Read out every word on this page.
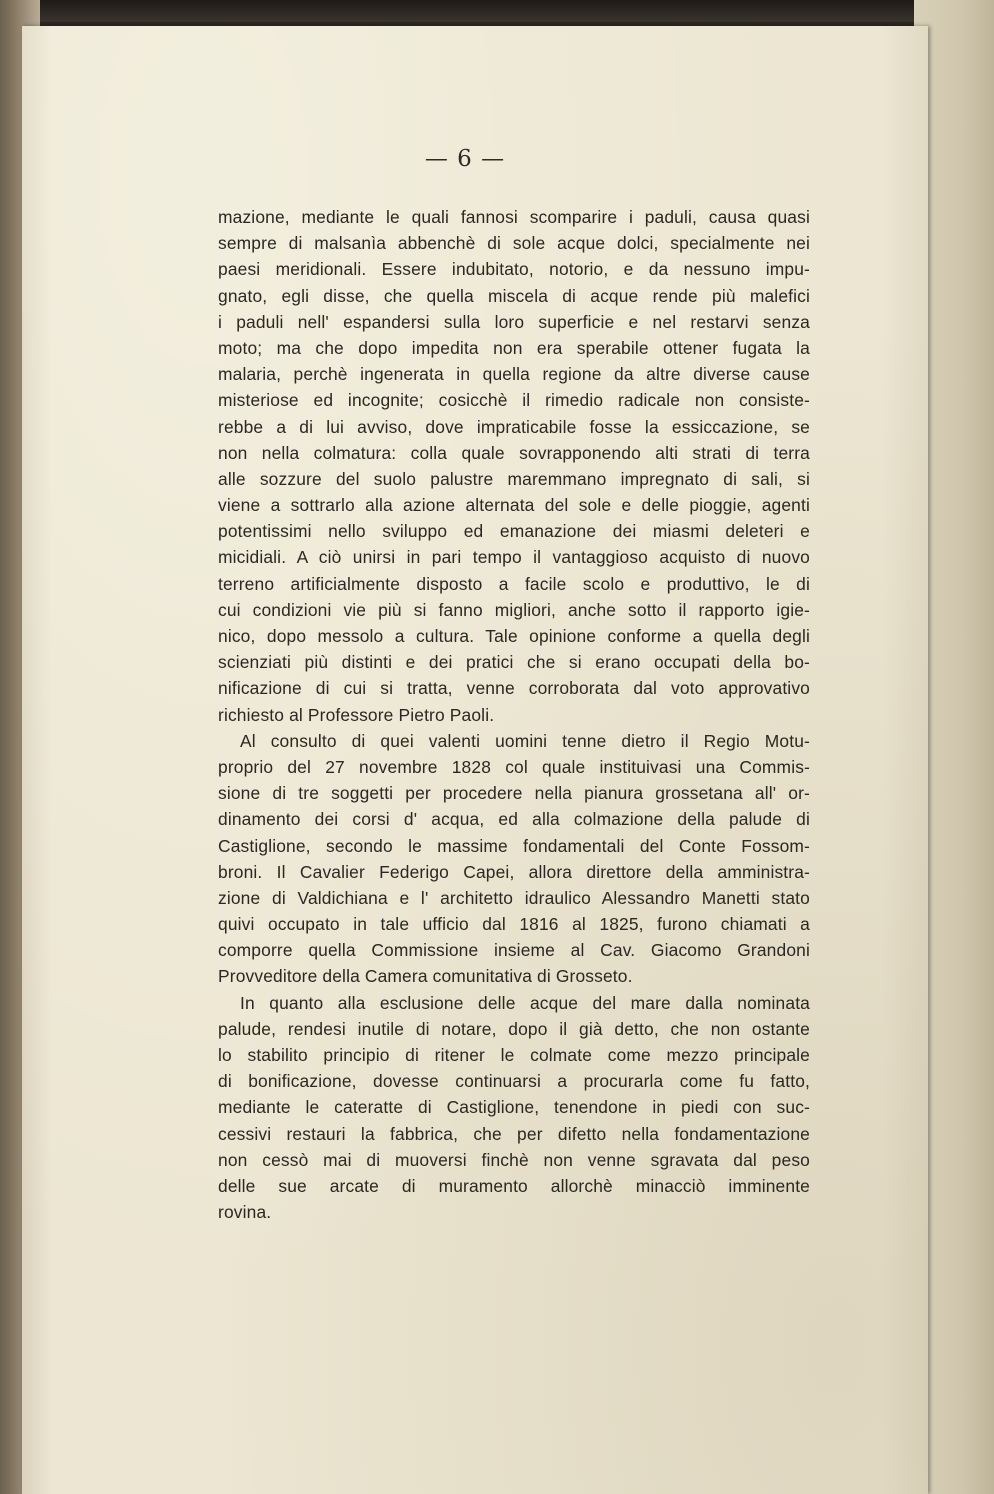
— 6 —
mazione, mediante le quali fannosi scomparire i paduli, causa quasi
sempre di malsanìa abbenchè di sole acque dolci, specialmente nei
paesi meridionali. Essere indubitato, notorio, e da nessuno impu-
gnato, egli disse, che quella miscela di acque rende più malefici
i paduli nell' espandersi sulla loro superficie e nel restarvi senza
moto; ma che dopo impedita non era sperabile ottener fugata la
malaria, perchè ingenerata in quella regione da altre diverse cause
misteriose ed incognite; cosicchè il rimedio radicale non consiste-
rebbe a di lui avviso, dove impraticabile fosse la essiccazione, se
non nella colmatura: colla quale sovrapponendo alti strati di terra
alle sozzure del suolo palustre maremmano impregnato di sali, si
viene a sottrarlo alla azione alternata del sole e delle pioggie, agenti
potentissimi nello sviluppo ed emanazione dei miasmi deleteri e
micidiali. A ciò unirsi in pari tempo il vantaggioso acquisto di nuovo
terreno artificialmente disposto a facile scolo e produttivo, le di
cui condizioni vie più si fanno migliori, anche sotto il rapporto igie-
nico, dopo messolo a cultura. Tale opinione conforme a quella degli
scienziati più distinti e dei pratici che si erano occupati della bo-
nificazione di cui si tratta, venne corroborata dal voto approvativo
richiesto al Professore Pietro Paoli.
Al consulto di quei valenti uomini tenne dietro il Regio Motu-
proprio del 27 novembre 1828 col quale instituivasi una Commis-
sione di tre soggetti per procedere nella pianura grossetana all' or-
dinamento dei corsi d' acqua, ed alla colmazione della palude di
Castiglione, secondo le massime fondamentali del Conte Fossom-
broni. Il Cavalier Federigo Capei, allora direttore della amministra-
zione di Valdichiana e l' architetto idraulico Alessandro Manetti stato
quivi occupato in tale ufficio dal 1816 al 1825, furono chiamati a
comporre quella Commissione insieme al Cav. Giacomo Grandoni
Provveditore della Camera comunitativa di Grosseto.
In quanto alla esclusione delle acque del mare dalla nominata
palude, rendesi inutile di notare, dopo il già detto, che non ostante
lo stabilito principio di ritener le colmate come mezzo principale
di bonificazione, dovesse continuarsi a procurarla come fu fatto,
mediante le cateratte di Castiglione, tenendone in piedi con suc-
cessivi restauri la fabbrica, che per difetto nella fondamentazione
non cessò mai di muoversi finchè non venne sgravata dal peso
delle sue arcate di muramento allorchè minacciò imminente
rovina.
